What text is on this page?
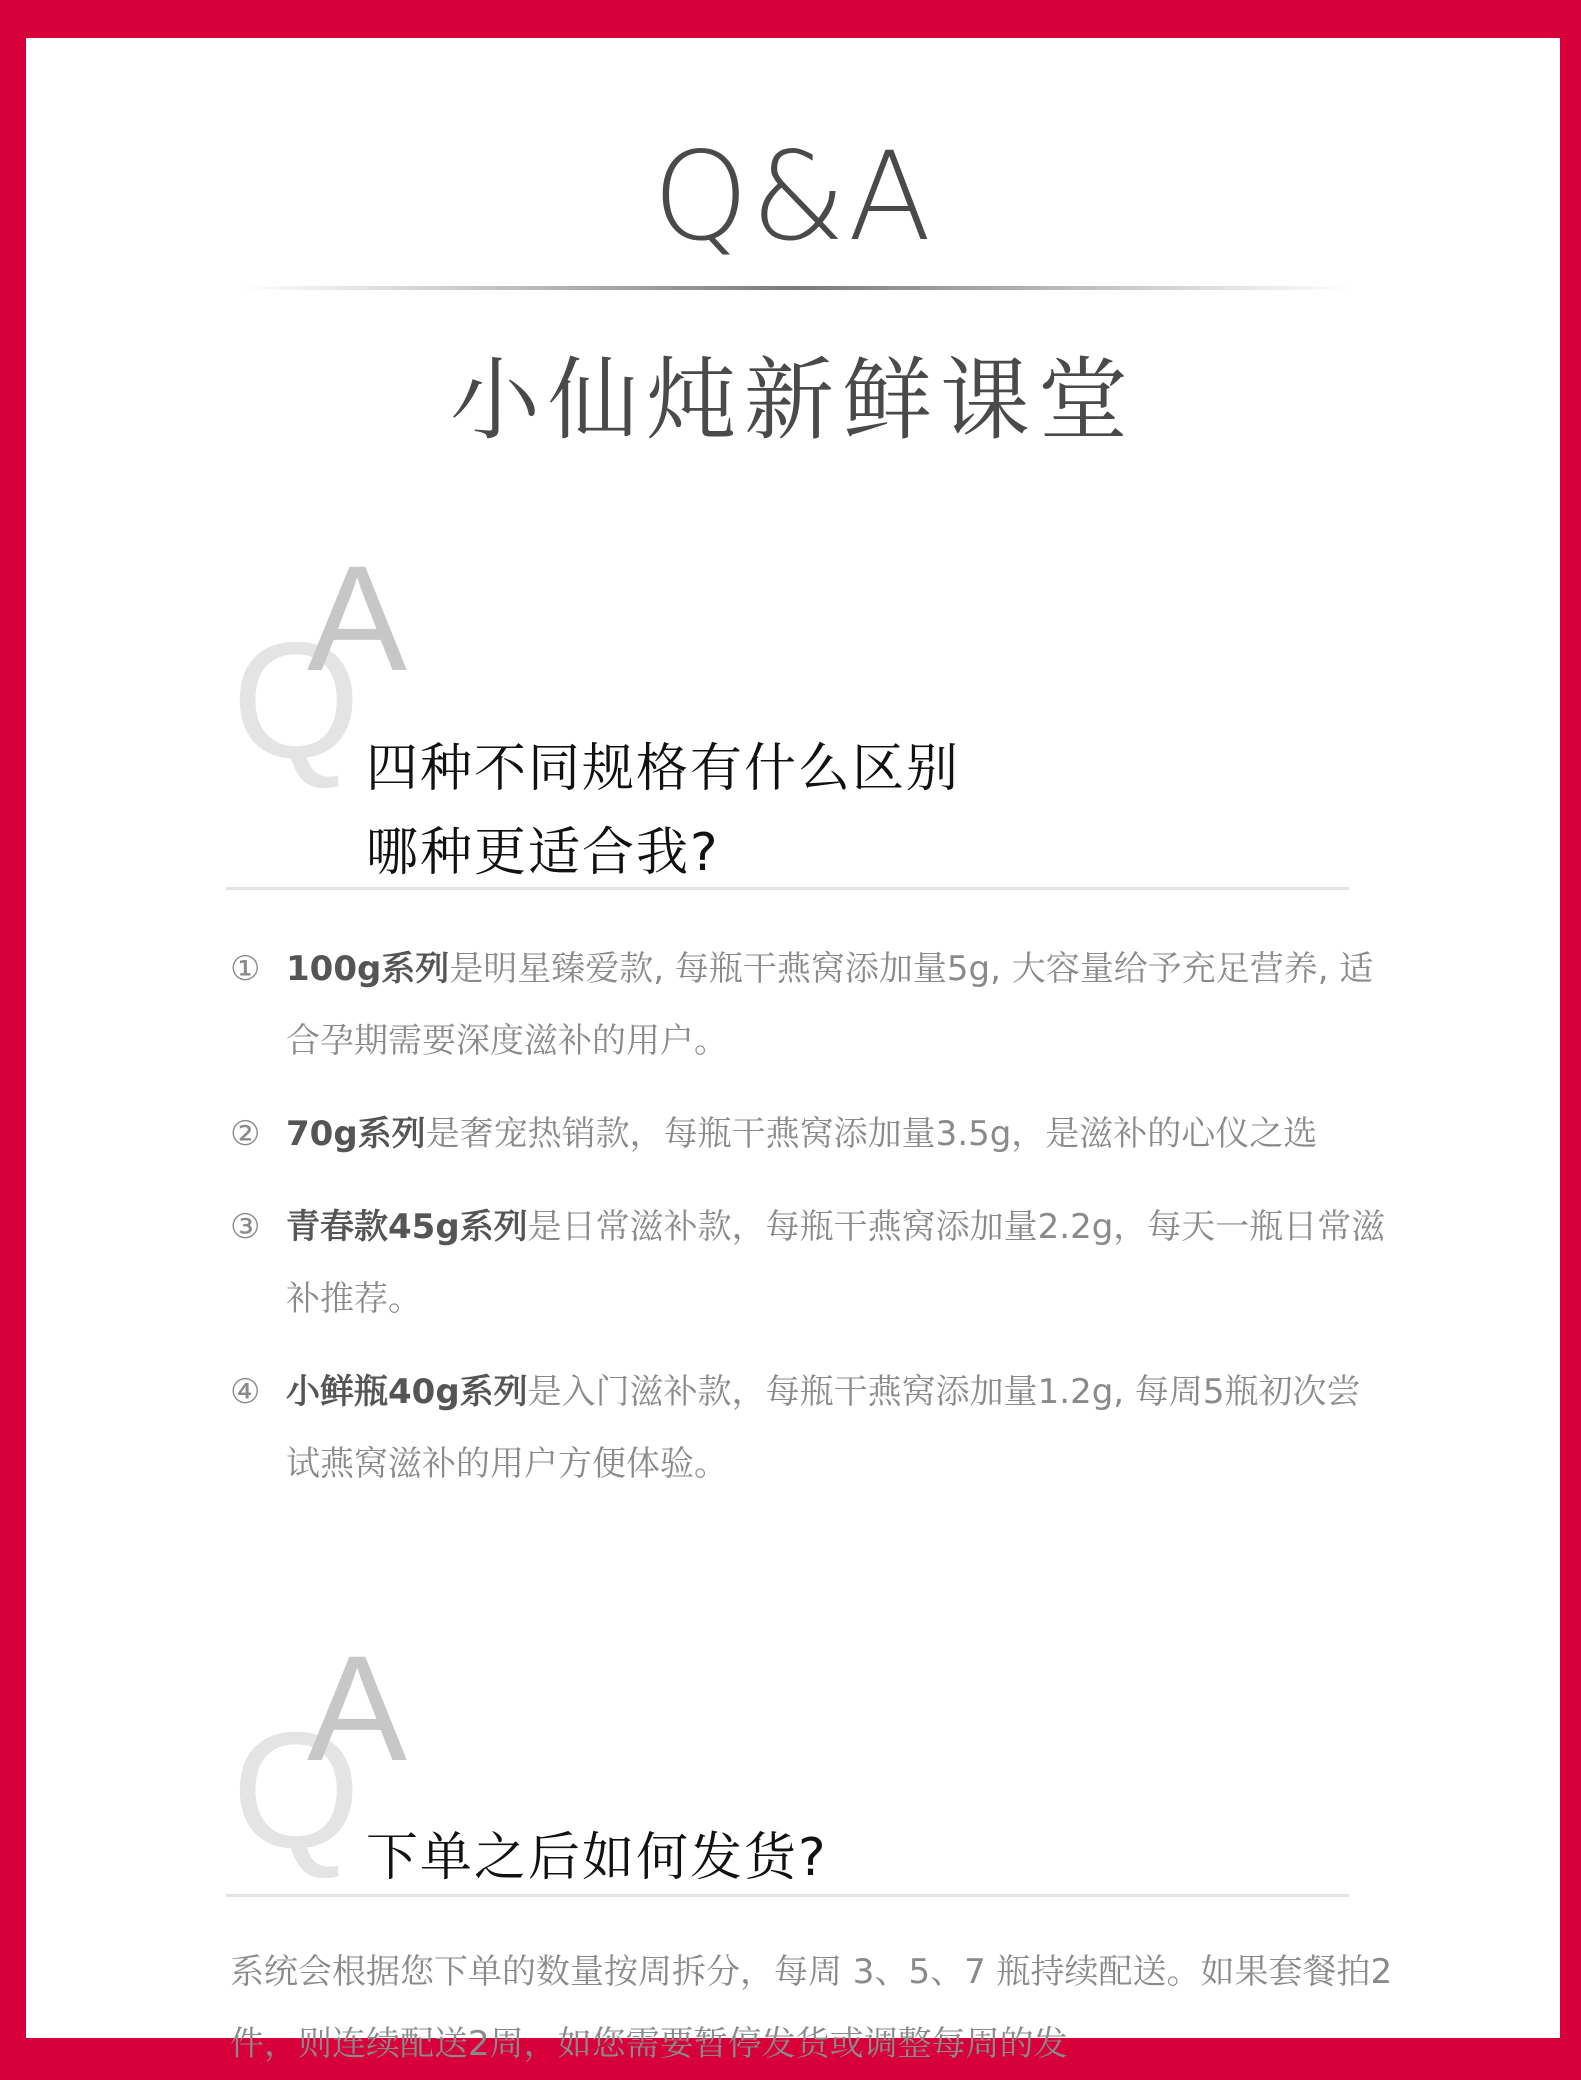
Q&A
小仙炖新鲜课堂
Q
A
四种不同规格有什么区别
哪种更适合我?
① 100g系列是明星臻爱款, 每瓶干燕窝添加量5g, 大容量给予充足营养, 适合孕期需要深度滋补的用户。
② 70g系列是奢宠热销款，每瓶干燕窝添加量3.5g，是滋补的心仪之选
③ 青春款45g系列是日常滋补款，每瓶干燕窝添加量2.2g，每天一瓶日常滋补推荐。
④ 小鲜瓶40g系列是入门滋补款，每瓶干燕窝添加量1.2g, 每周5瓶初次尝试燕窝滋补的用户方便体验。
Q
A
下单之后如何发货?
系统会根据您下单的数量按周拆分，每周 3、5、7 瓶持续配送。如果套餐拍2件，则连续配送2周，如您需要暂停发货或调整每周的发
